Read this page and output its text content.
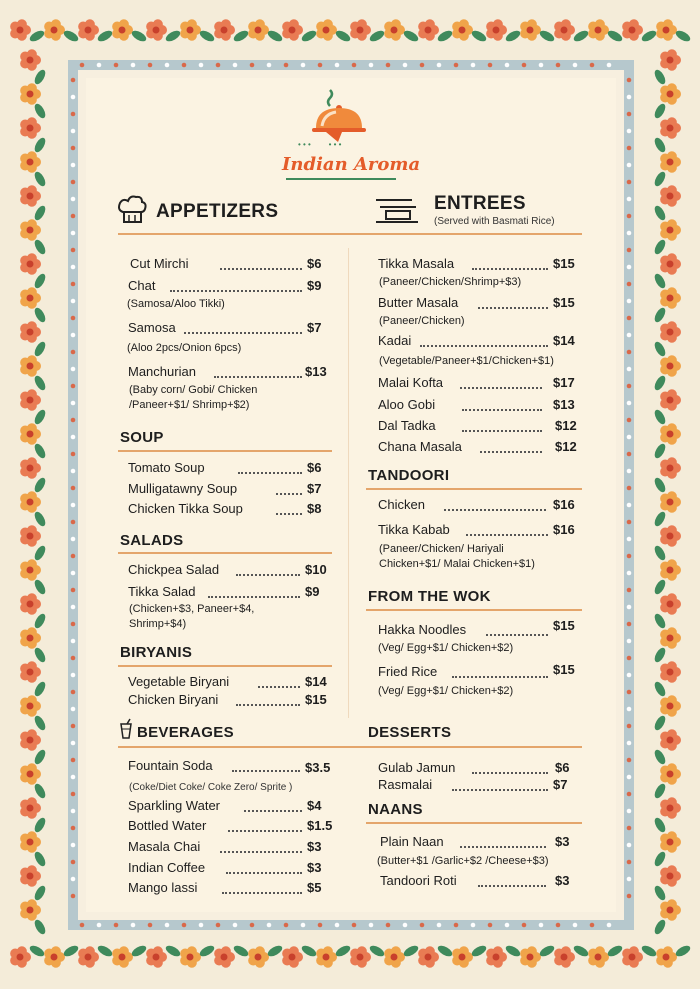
• • •        • • •
Indian Aroma
APPETIZERS	ENTREES
(Served with Basmati Rice)
Cut Mirchi	$6
Chat	$9
(Samosa/Aloo Tikki)
Samosa	$7
(Aloo 2pcs/Onion 6pcs)
Manchurian	$13
(Baby corn/ Gobi/ Chicken
/Paneer+$1/ Shrimp+$2)
SOUP
Tomato Soup	$6
Mulligatawny Soup	$7
Chicken Tikka Soup	$8
SALADS
Chickpea Salad	$10
Tikka Salad	$9
(Chicken+$3, Paneer+$4,
Shrimp+$4)
BIRYANIS
Vegetable Biryani	$14
Chicken Biryani	$15
BEVERAGES
Fountain Soda	$3.5
(Coke/Diet Coke/ Coke Zero/ Sprite )
Sparkling Water	$4
Bottled Water	$1.5
Masala Chai	$3
Indian Coffee	$3
Mango lassi	$5
Tikka Masala	$15
(Paneer/Chicken/Shrimp+$3)
Butter Masala	$15
(Paneer/Chicken)
Kadai	$14
(Vegetable/Paneer+$1/Chicken+$1)
Malai Kofta	$17
Aloo Gobi	$13
Dal Tadka	$12
Chana Masala	$12
TANDOORI
Chicken	$16
Tikka Kabab	$16
(Paneer/Chicken/ Hariyali
Chicken+$1/ Malai Chicken+$1)
FROM THE WOK
Hakka Noodles	$15
(Veg/ Egg+$1/ Chicken+$2)
Fried Rice	$15
(Veg/ Egg+$1/ Chicken+$2)
DESSERTS
Gulab Jamun	$6
Rasmalai	$7
NAANS
Plain Naan	$3
(Butter+$1 /Garlic+$2 /Cheese+$3)
Tandoori Roti	$3
